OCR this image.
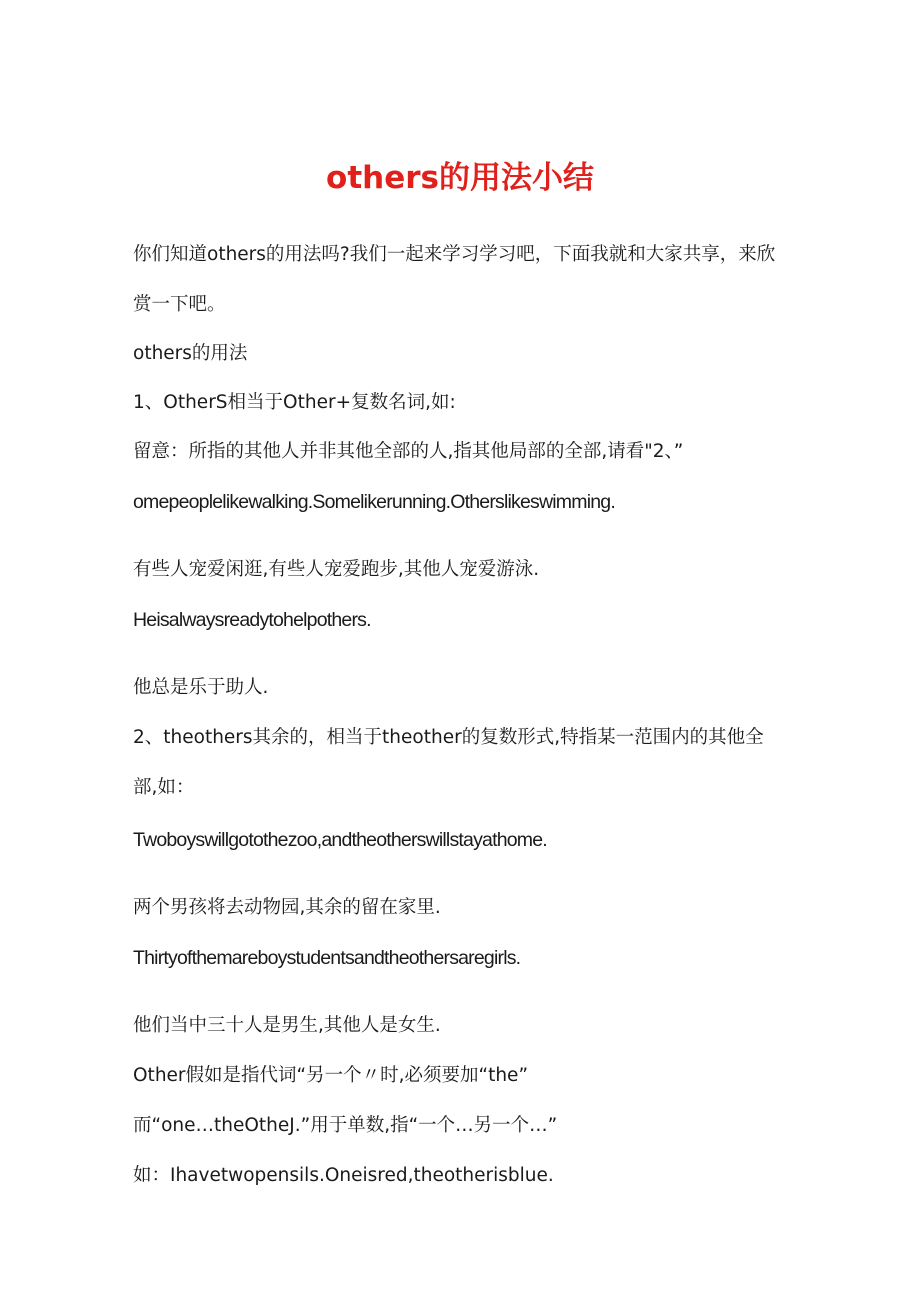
others的用法小结
你们知道others的用法吗?我们一起来学习学习吧，下面我就和大家共享，来欣
赏一下吧。
others的用法
1、OtherS相当于Other+复数名词,如:
留意：所指的其他人并非其他全部的人,指其他局部的全部,请看"2、”
omepeoplelikewalking.Somelikerunning.Otherslikeswimming.
有些人宠爱闲逛,有些人宠爱跑步,其他人宠爱游泳.
Heisalwaysreadytohelpothers.
他总是乐于助人.
2、theothers其余的，相当于theother的复数形式,特指某一范围内的其他全
部,如：
Twoboyswillgotothezoo,andtheotherswillstayathome.
两个男孩将去动物园,其余的留在家里.
Thirtyofthemareboystudentsandtheothersaregirls.
他们当中三十人是男生,其他人是女生.
Other假如是指代词“另一个〃时,必须要加“the”
而“one…theOtheJ.”用于单数,指“一个…另一个…”
如：Ihavetwopensils.Oneisred,theotherisblue.
